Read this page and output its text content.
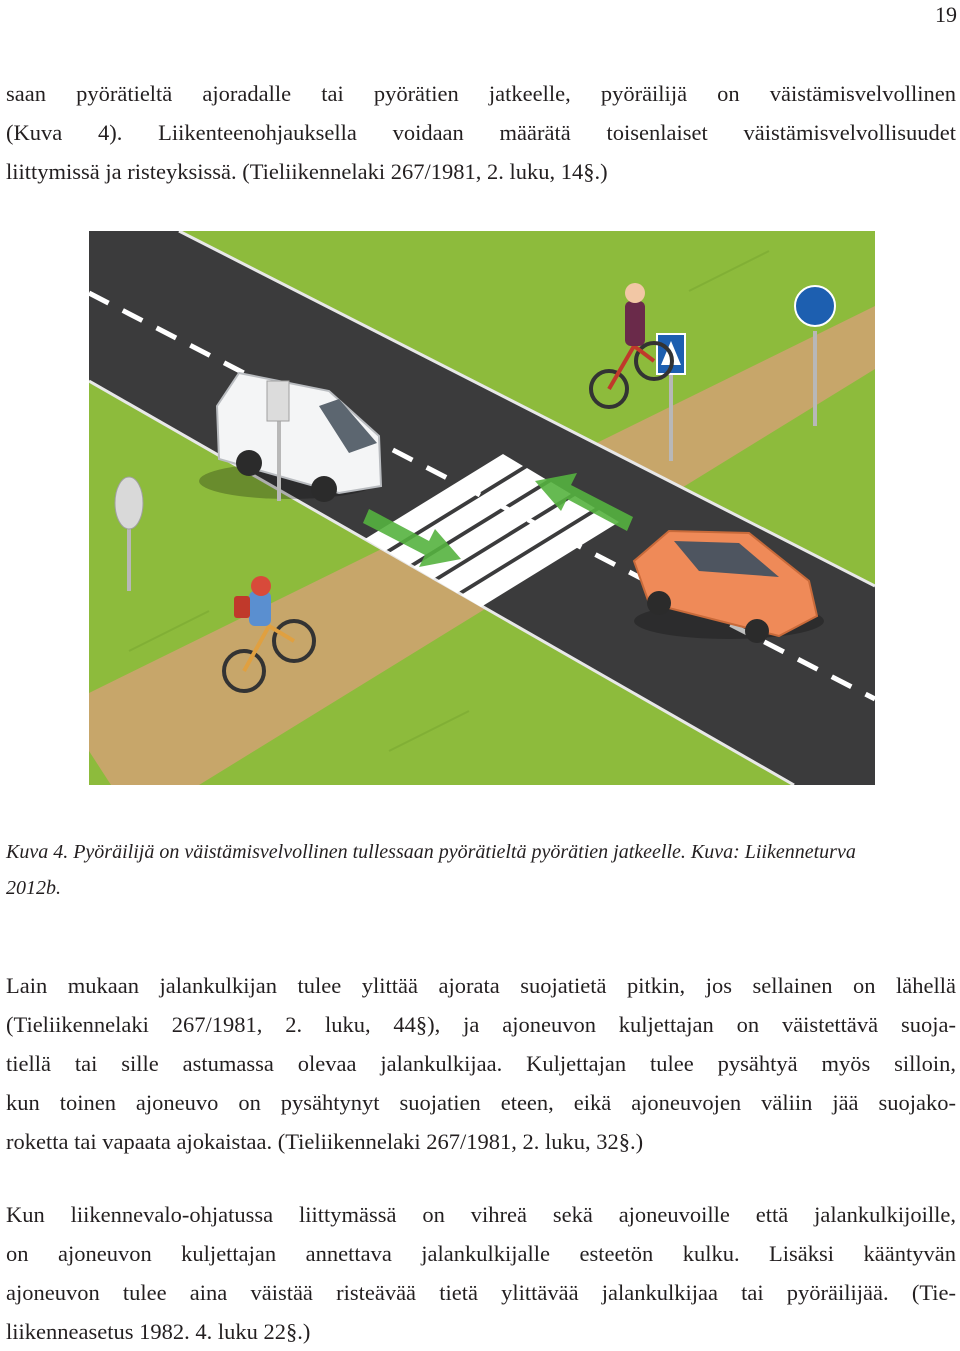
19
saan pyörätieltä ajoradalle tai pyörätien jatkeelle, pyöräilijä on väistämisvelvollinen
(Kuva 4). Liikenteenohjauksella voidaan määrätä toisenlaiset väistämisvelvollisuudet
liittymissä ja risteyksissä. (Tieliikennelaki 267/1981, 2. luku, 14§.)
Kuva 4. Pyöräilijä on väistämisvelvollinen tullessaan pyörätieltä pyörätien jatkeelle. Kuva: Liikenneturva
2012b.
Lain mukaan jalankulkijan tulee ylittää ajorata suojatietä pitkin, jos sellainen on lähellä
(Tieliikennelaki 267/1981, 2. luku, 44§), ja ajoneuvon kuljettajan on väistettävä suoja-
tiellä tai sille astumassa olevaa jalankulkijaa. Kuljettajan tulee pysähtyä myös silloin,
kun toinen ajoneuvo on pysähtynyt suojatien eteen, eikä ajoneuvojen väliin jää suojako-
roketta tai vapaata ajokaistaa. (Tieliikennelaki 267/1981, 2. luku, 32§.)
Kun liikennevalo-ohjatussa liittymässä on vihreä sekä ajoneuvoille että jalankulkijoille,
on ajoneuvon kuljettajan annettava jalankulkijalle esteetön kulku. Lisäksi kääntyvän
ajoneuvon tulee aina väistää risteävää tietä ylittävää jalankulkijaa tai pyöräilijää. (Tie-
liikenneasetus 1982. 4. luku 22§.)
